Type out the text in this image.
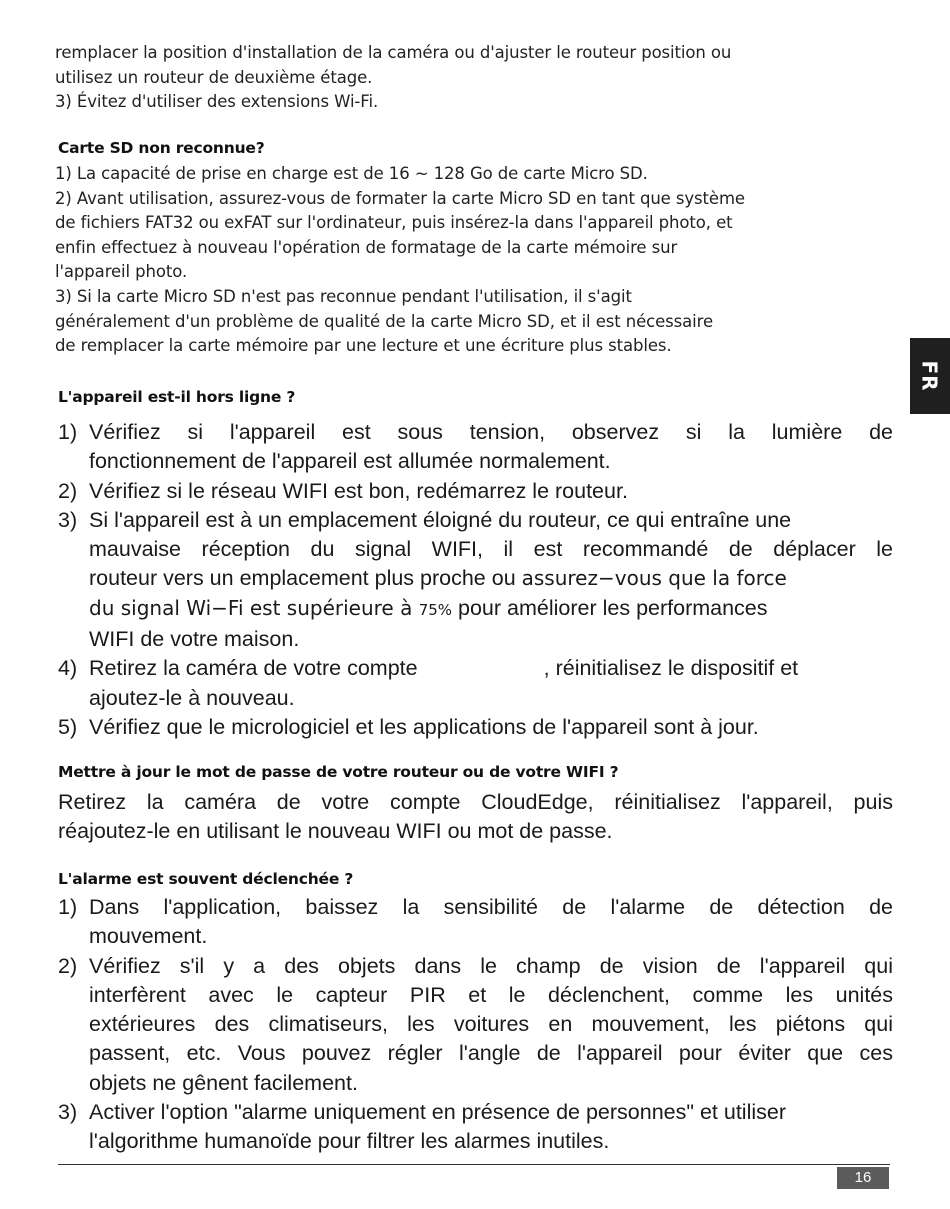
remplacer la position d'installation de la caméra ou d'ajuster le routeur position ou
utilisez un routeur de deuxième étage.
3) Évitez d'utiliser des extensions Wi-Fi.
Carte SD non reconnue?
1) La capacité de prise en charge est de 16 ~ 128 Go de carte Micro SD.
2) Avant utilisation, assurez-vous de formater la carte Micro SD en tant que système
de fichiers FAT32 ou exFAT sur l'ordinateur, puis insérez-la dans l'appareil photo, et
enfin effectuez à nouveau l'opération de formatage de la carte mémoire sur
l'appareil photo.
3) Si la carte Micro SD n'est pas reconnue pendant l'utilisation, il s'agit
généralement d'un problème de qualité de la carte Micro SD, et il est nécessaire
de remplacer la carte mémoire par une lecture et une écriture plus stables.
FR
L'appareil est-il hors ligne ?
1) Vérifiez si l'appareil est sous tension, observez si la lumière de
fonctionnement de l'appareil est allumée normalement.
2) Vérifiez si le réseau WIFI est bon, redémarrez le routeur.
3) Si l'appareil est à un emplacement éloigné du routeur, ce qui entraîne une
mauvaise réception du signal WIFI, il est recommandé de déplacer le
routeur vers un emplacement plus proche ou assurez−vous que la force
du signal Wi−Fi est supérieure à 75% pour améliorer les performances
WIFI de votre maison.
4) Retirez la caméra de votre compte	, réinitialisez le dispositif et
ajoutez-le à nouveau.
5) Vérifiez que le micrologiciel et les applications de l'appareil sont à jour.
Mettre à jour le mot de passe de votre routeur ou de votre WIFI ?
Retirez la caméra de votre compte CloudEdge, réinitialisez l'appareil, puis
réajoutez-le en utilisant le nouveau WIFI ou mot de passe.
L'alarme est souvent déclenchée ?
1) Dans l'application, baissez la sensibilité de l'alarme de détection de
mouvement.
2) Vérifiez s'il y a des objets dans le champ de vision de l'appareil qui
interfèrent avec le capteur PIR et le déclenchent, comme les unités
extérieures des climatiseurs, les voitures en mouvement, les piétons qui
passent, etc. Vous pouvez régler l'angle de l'appareil pour éviter que ces
objets ne gênent facilement.
3) Activer l'option "alarme uniquement en présence de personnes" et utiliser
l'algorithme humanoïde pour filtrer les alarmes inutiles.
16
